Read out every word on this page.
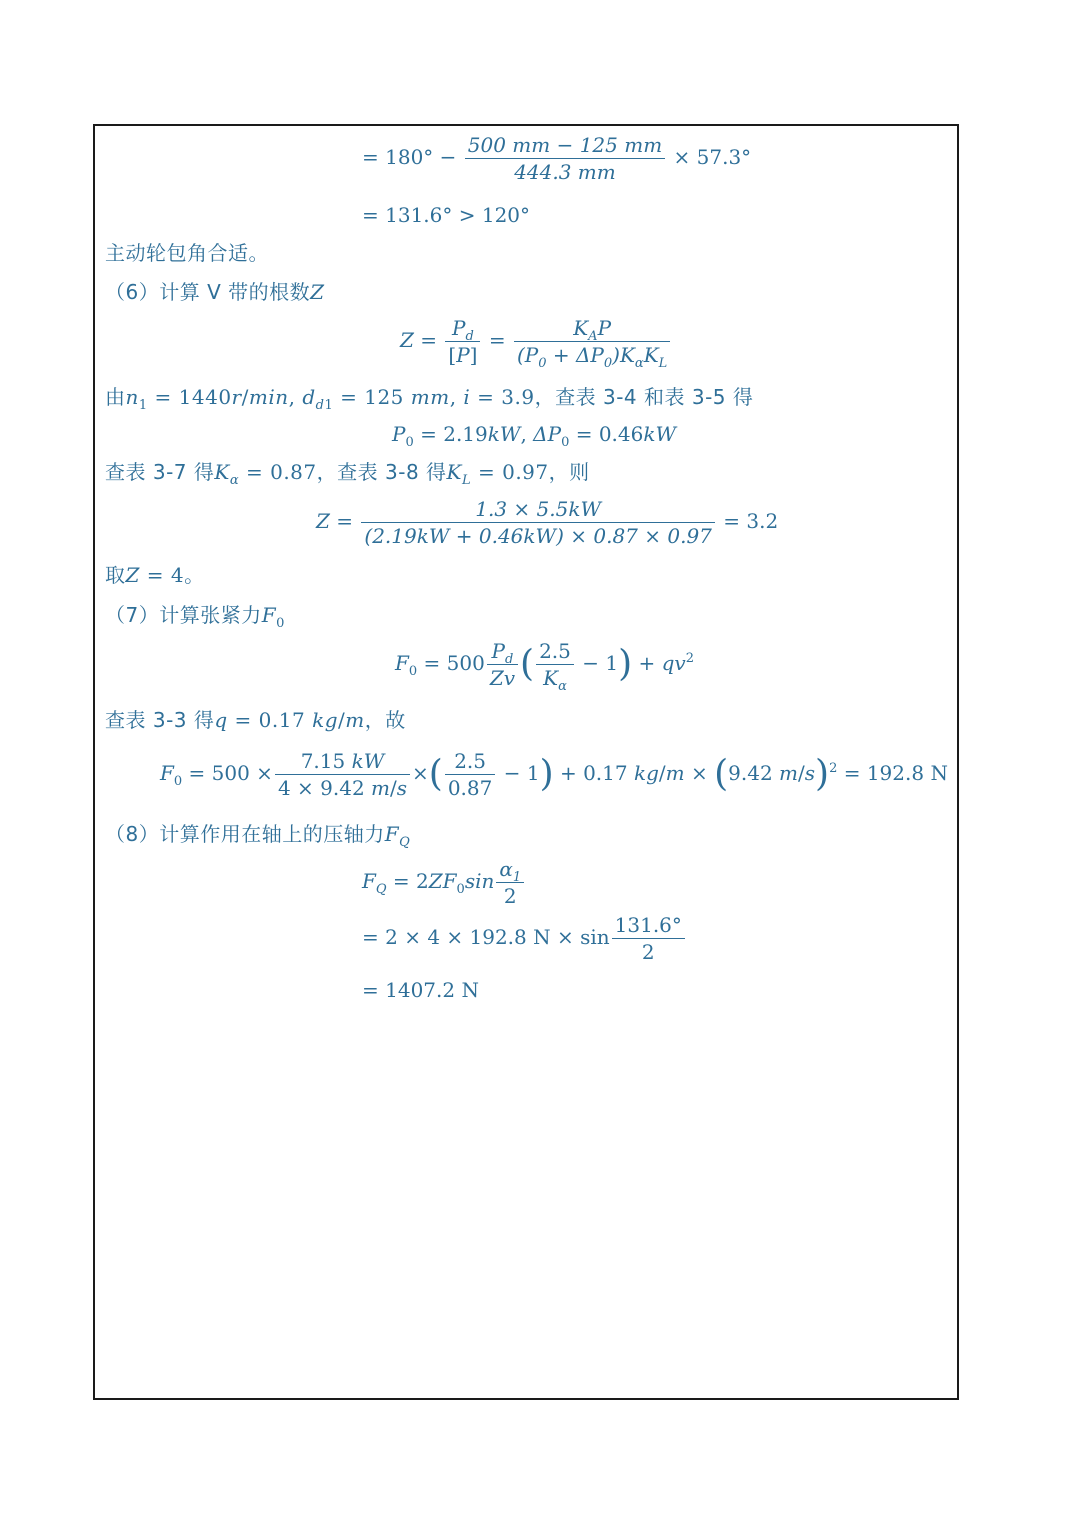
= $180^\circ - \frac{500 mm - 125 mm}{444.3 mm} \times 57.3^\circ$
= 131.6° > 120°
主动轮包角合适。
（6）计算 V 带的根数Z
$Z = \frac{P_d}{[P]} = \frac{K_AP}{(P_0 + \Delta P_0)K_\alpha K_L}$
由$n_1 = 1440r/\min$, $d_{d1} = 125$ mm, i = 3.9，查表 3-4 和表 3-5 得
$P_0 = 2.19kW$, $\Delta P_0 = 0.46kW$
查表 3-7 得$K_\alpha = 0.87$，查表 3-8 得$K_L = 0.97$，则
$Z = \frac{1.3 \times 5.5kW}{(2.19kW + 0.46kW) \times 0.87 \times 0.97} = 3.2$
取Z = 4。
（7）计算张紧力$F_0$
$F_0 = 500 \frac{P_d}{Zv}$ ( $\frac{2.5}{K_\alpha} - 1) + qv^2$
查表 3-3 得q = 0.17 kg/m，故
$F_0 = 500 \times \frac{7.15 kW}{4 \times 9.42 m/s}$ ×( $\frac{2.5}{0.87} - 1) + 0.17$ kg/m × (9.42 m/s)$^2$ = 192.8 N
（8）计算作用在轴上的压轴力$F_Q$
$F_Q = 2ZF_0\sin \frac{\alpha_1}{2}$
= 2 × 4 × 192.8 $N \times \sin \frac{131.6^\circ}{2}$
= 1407.2 N
